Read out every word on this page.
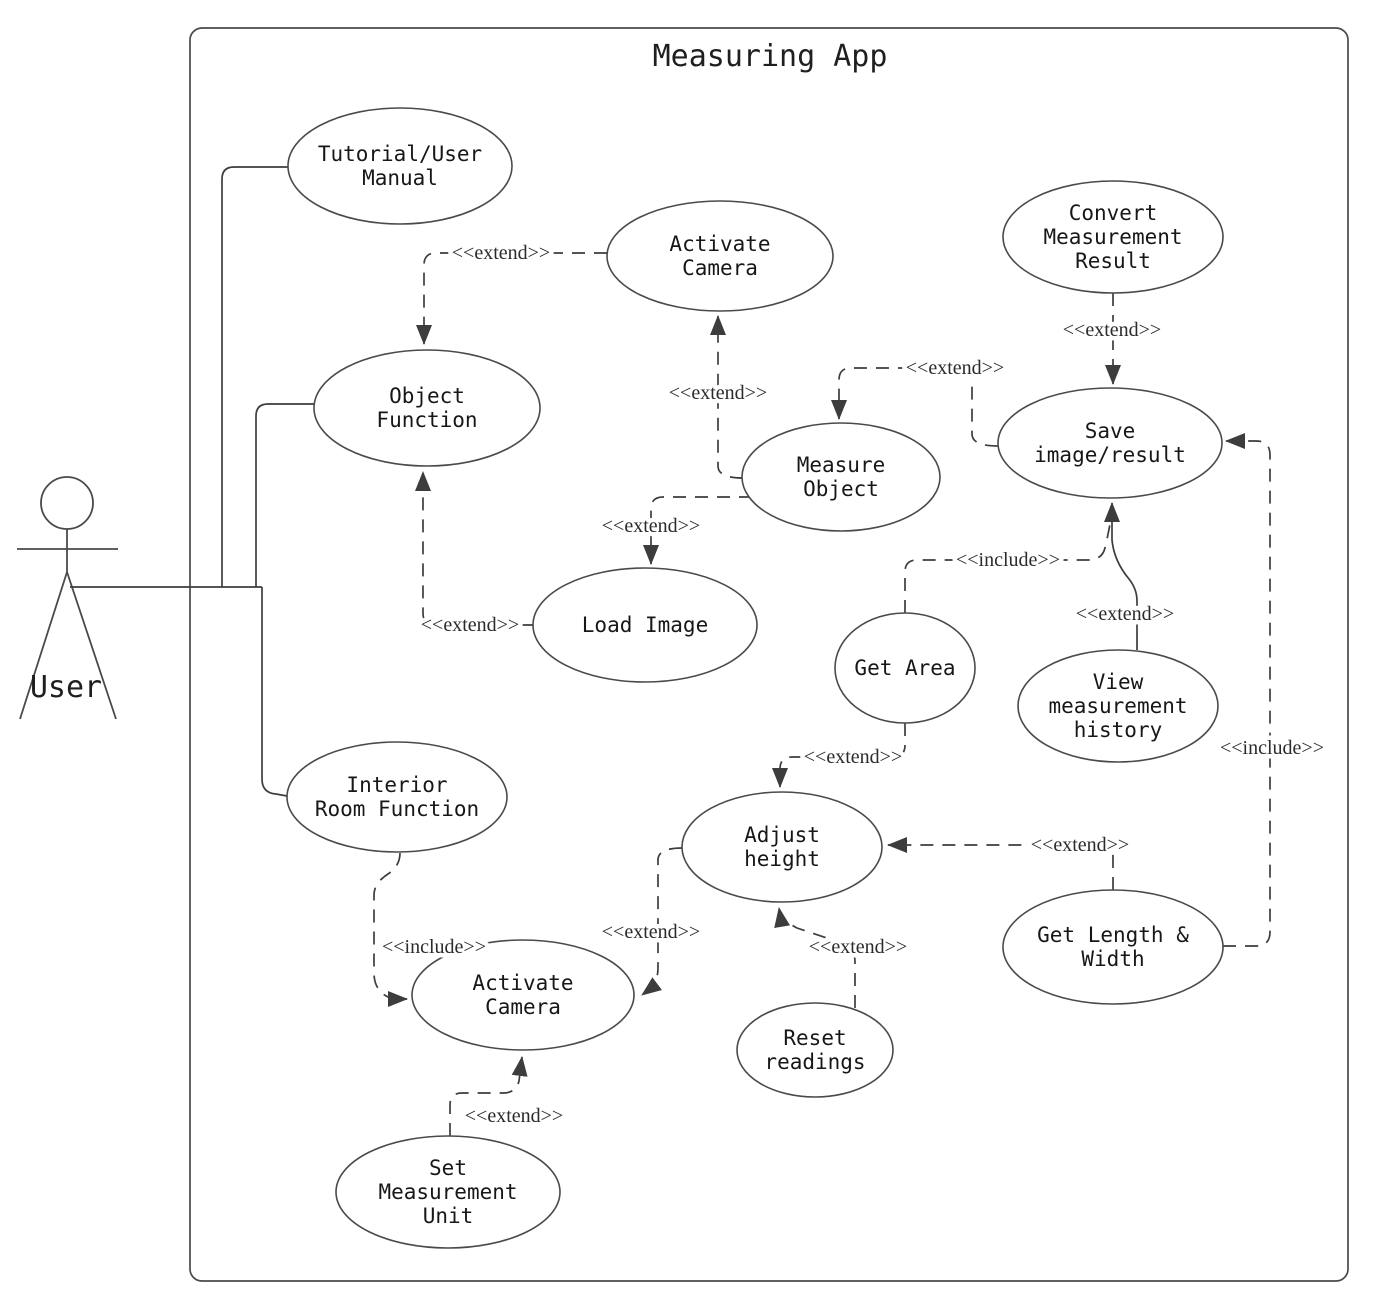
Measuring App
User
Tutorial/User Manual
Activate Camera
Convert Measurement Result
Object Function
Measure Object
Save image/result
Load Image
Get Area
View measurement history
Interior Room Function
Adjust height
Get Length & Width
Activate Camera
Reset readings
Set Measurement Unit
<<extend>>
<<extend>>
<<extend>>
<<extend>>
<<extend>>
<<extend>>
<<include>>
<<extend>>
<<extend>>
<<extend>>
<<include>>
<<extend>>
<<extend>>
<<include>>
<<extend>>
